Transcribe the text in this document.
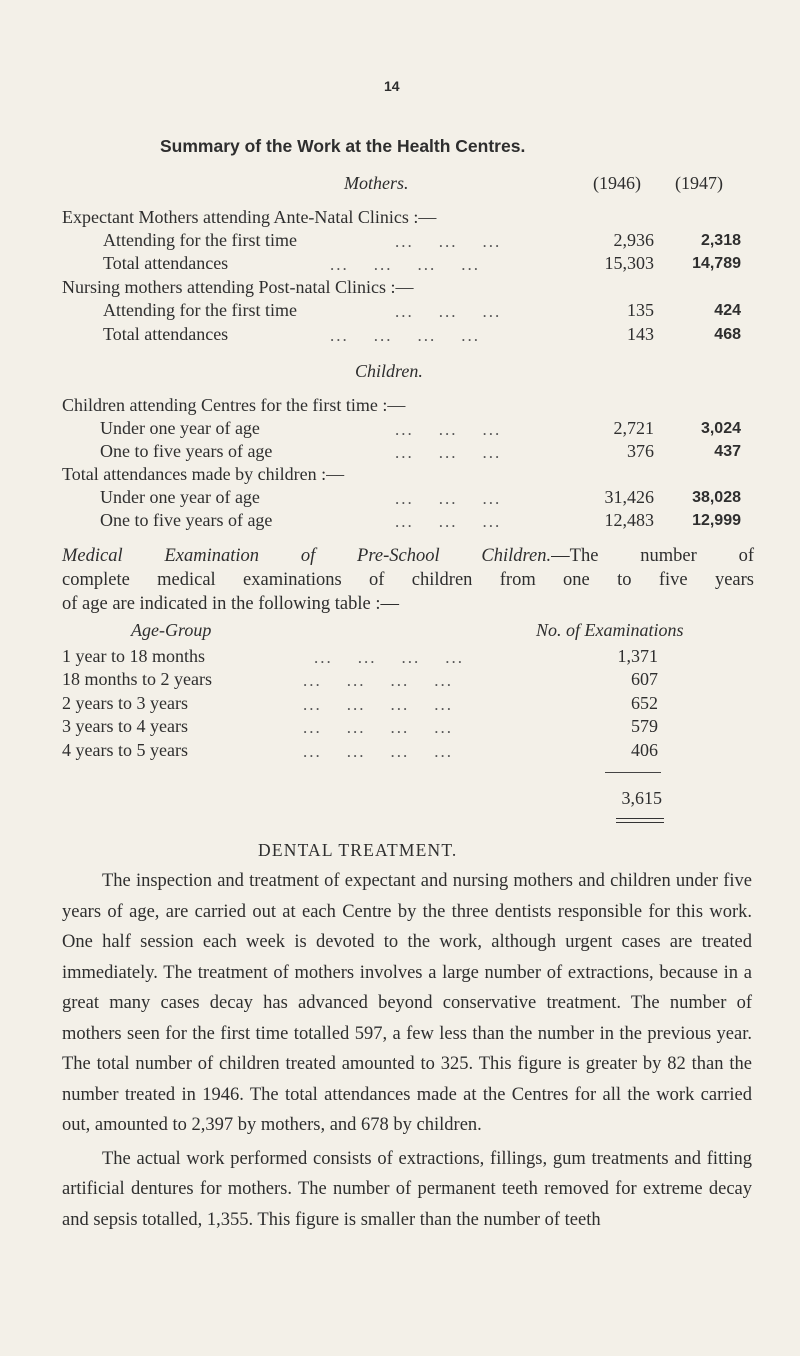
14
Summary of the Work at the Health Centres.
Mothers.	(1946) (1947)
Expectant Mothers attending Ante-Natal Clinics :—
Attending for the first time	...    ...    ...	2,936	2,318
Total attendances	...    ...    ...    ...	15,303	14,789
Nursing mothers attending Post-natal Clinics :—
Attending for the first time	...    ...    ...	135	424
Total attendances	...    ...    ...    ...	143	468
Children.
Children attending Centres for the first time :—
Under one year of age	...    ...    ...	2,721	3,024
One to five years of age	...    ...    ...	376	437
Total attendances made by children :—
Under one year of age	...    ...    ...	31,426	38,028
One to five years of age	...    ...    ...	12,483	12,999
Medical Examination of Pre-School Children.—The number of
complete medical examinations of children from one to five years
of age are indicated in the following table :—
Age-Group	No. of Examinations
1 year to 18 months	...    ...    ...    ...	1,371
18 months to 2 years	...    ...    ...    ...	607
2 years to 3 years	...    ...    ...    ...	652
3 years to 4 years	...    ...    ...    ...	579
4 years to 5 years	...    ...    ...    ...	406
3,615
DENTAL TREATMENT.

The inspection and treatment of expectant and nursing mothers and children under five years of age, are carried out at each Centre by the three dentists responsible for this work. One half session each week is devoted to the work, although urgent cases are treated immediately. The treatment of mothers involves a large number of extractions, because in a great many cases decay has advanced beyond conservative treatment. The number of mothers seen for the first time totalled 597, a few less than the number in the previous year. The total number of children treated amounted to 325. This figure is greater by 82 than the number treated in 1946. The total attendances made at the Centres for all the work carried out, amounted to 2,397 by mothers, and 678 by children.

The actual work performed consists of extractions, fillings, gum treatments and fitting artificial dentures for mothers. The number of permanent teeth removed for extreme decay and sepsis totalled, 1,355. This figure is smaller than the number of teeth
